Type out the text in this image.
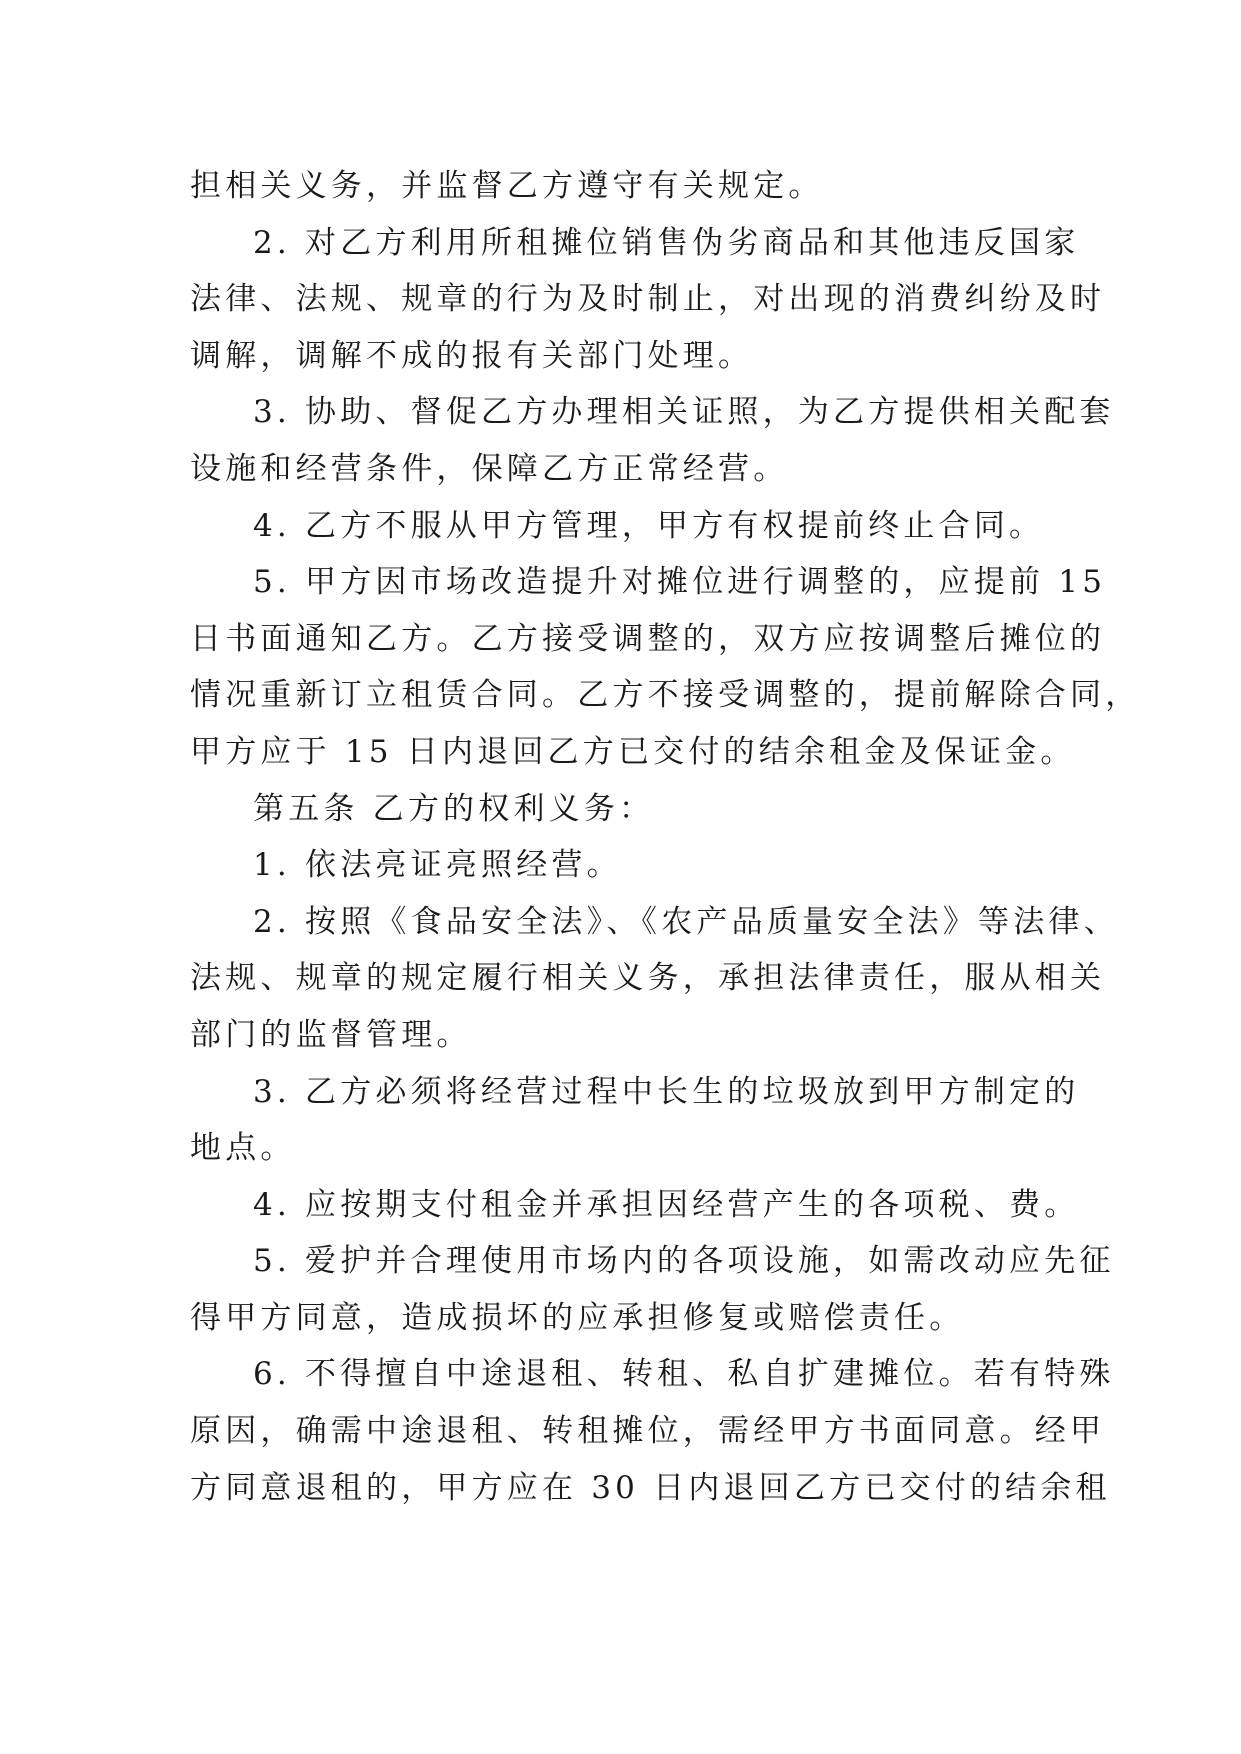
担相关义务，并监督乙方遵守有关规定。
2. 对乙方利用所租摊位销售伪劣商品和其他违反国家
法律、法规、规章的行为及时制止，对出现的消费纠纷及时
调解，调解不成的报有关部门处理。
3. 协助、督促乙方办理相关证照，为乙方提供相关配套
设施和经营条件，保障乙方正常经营。
4. 乙方不服从甲方管理，甲方有权提前终止合同。
5. 甲方因市场改造提升对摊位进行调整的，应提前 15
日书面通知乙方。乙方接受调整的，双方应按调整后摊位的
情况重新订立租赁合同。乙方不接受调整的，提前解除合同，
甲方应于 15 日内退回乙方已交付的结余租金及保证金。
第五条 乙方的权利义务：
1. 依法亮证亮照经营。
2. 按照《食品安全法》、《农产品质量安全法》等法律、
法规、规章的规定履行相关义务，承担法律责任，服从相关
部门的监督管理。
3. 乙方必须将经营过程中长生的垃圾放到甲方制定的
地点。
4. 应按期支付租金并承担因经营产生的各项税、费。
5. 爱护并合理使用市场内的各项设施，如需改动应先征
得甲方同意，造成损坏的应承担修复或赔偿责任。
6. 不得擅自中途退租、转租、私自扩建摊位。若有特殊
原因，确需中途退租、转租摊位，需经甲方书面同意。经甲
方同意退租的，甲方应在 30 日内退回乙方已交付的结余租
